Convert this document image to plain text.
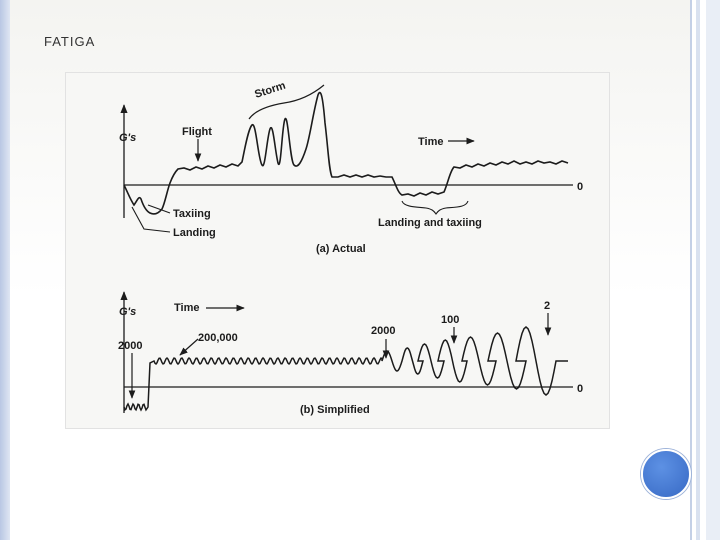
FATIGA
G's
0
Storm
Flight
Time
Taxiing
Landing
Landing and taxiing
(a) Actual
G's
0
Time
2000
200,000
2000
100
2
(b) Simplified
